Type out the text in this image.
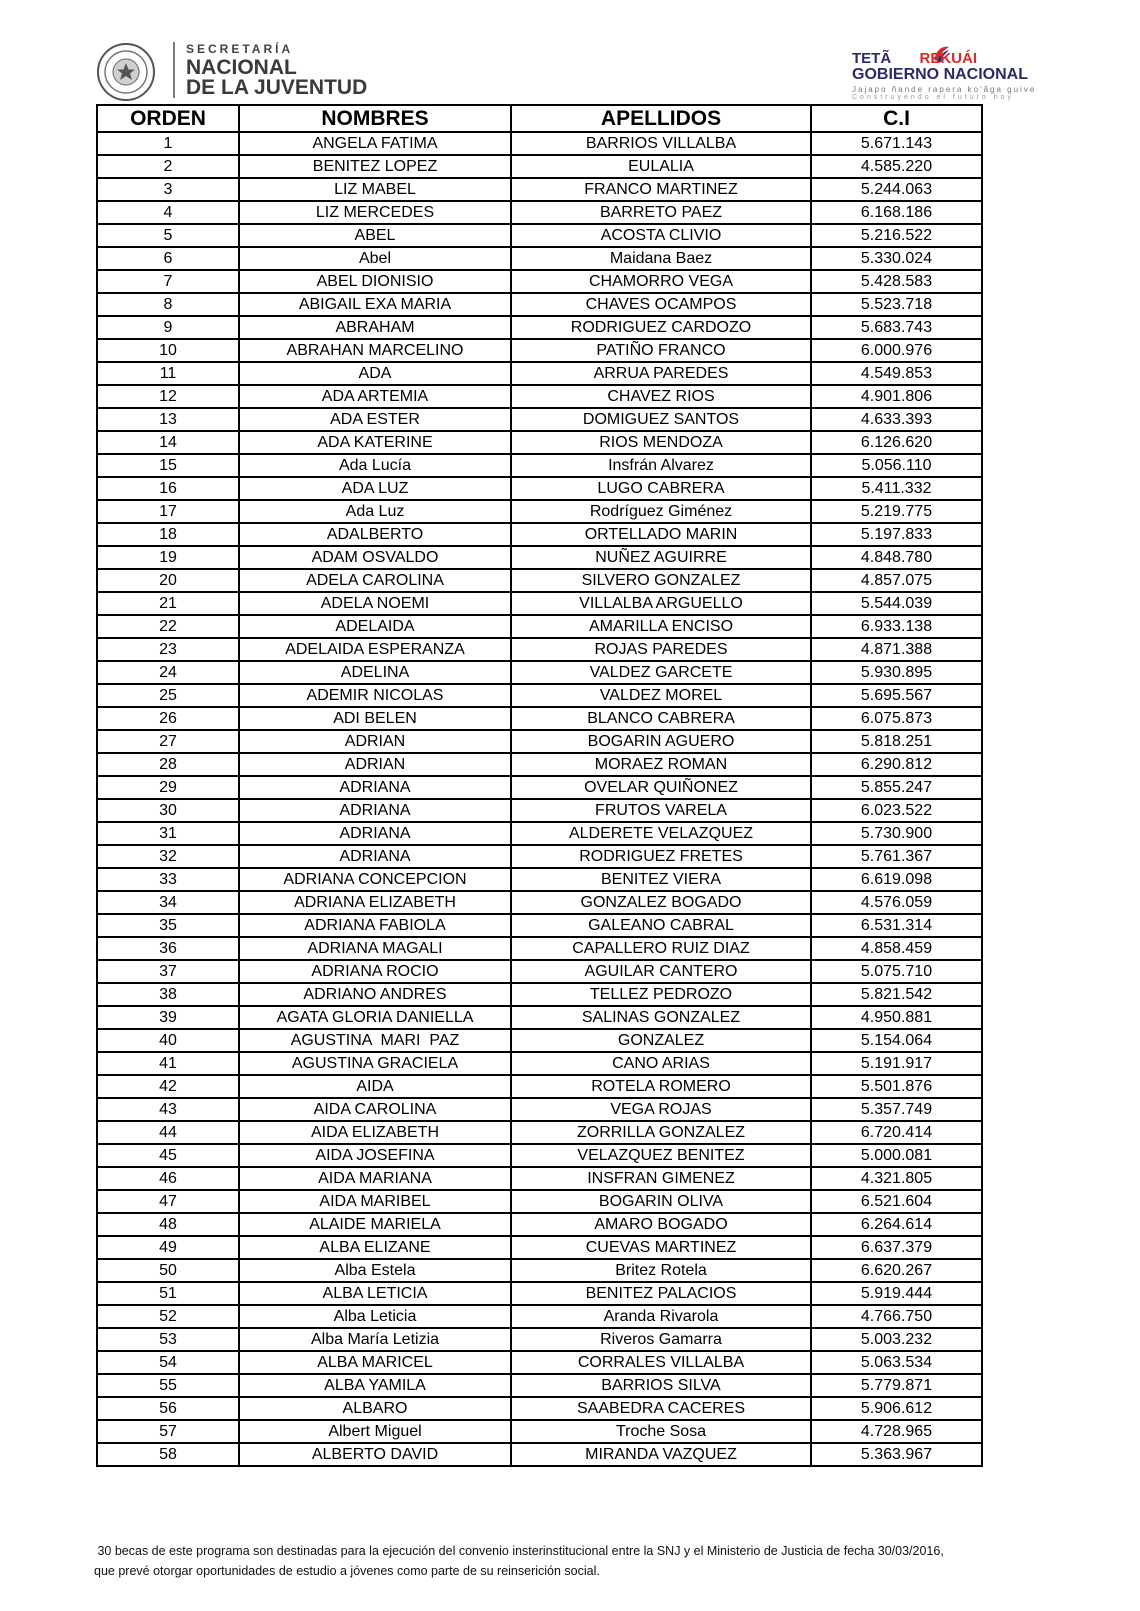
SECRETARÍA
NACIONAL
DE LA JUVENTUD
TETÃ REKUÁI
GOBIERNO NACIONAL
Jajapo ñande rapera ko'ãga guive
Construyendo el futuro hoy
ORDEN	NOMBRES	APELLIDOS	C.I
1	ANGELA FATIMA	BARRIOS VILLALBA	5.671.143
2	BENITEZ LOPEZ	EULALIA	4.585.220
3	LIZ MABEL	FRANCO MARTINEZ	5.244.063
4	LIZ MERCEDES	BARRETO PAEZ	6.168.186
5	ABEL	ACOSTA CLIVIO	5.216.522
6	Abel	Maidana Baez	5.330.024
7	ABEL DIONISIO	CHAMORRO VEGA	5.428.583
8	ABIGAIL EXA MARIA	CHAVES OCAMPOS	5.523.718
9	ABRAHAM	RODRIGUEZ CARDOZO	5.683.743
10	ABRAHAN MARCELINO	PATIÑO FRANCO	6.000.976
11	ADA	ARRUA PAREDES	4.549.853
12	ADA ARTEMIA	CHAVEZ RIOS	4.901.806
13	ADA ESTER	DOMIGUEZ SANTOS	4.633.393
14	ADA KATERINE	RIOS MENDOZA	6.126.620
15	Ada Lucía	Insfrán Alvarez	5.056.110
16	ADA LUZ	LUGO CABRERA	5.411.332
17	Ada Luz	Rodríguez Giménez	5.219.775
18	ADALBERTO	ORTELLADO MARIN	5.197.833
19	ADAM OSVALDO	NUÑEZ AGUIRRE	4.848.780
20	ADELA CAROLINA	SILVERO GONZALEZ	4.857.075
21	ADELA NOEMI	VILLALBA ARGUELLO	5.544.039
22	ADELAIDA	AMARILLA ENCISO	6.933.138
23	ADELAIDA ESPERANZA	ROJAS PAREDES	4.871.388
24	ADELINA	VALDEZ GARCETE	5.930.895
25	ADEMIR NICOLAS	VALDEZ MOREL	5.695.567
26	ADI BELEN	BLANCO CABRERA	6.075.873
27	ADRIAN	BOGARIN AGUERO	5.818.251
28	ADRIAN	MORAEZ ROMAN	6.290.812
29	ADRIANA	OVELAR QUIÑONEZ	5.855.247
30	ADRIANA	FRUTOS VARELA	6.023.522
31	ADRIANA	ALDERETE VELAZQUEZ	5.730.900
32	ADRIANA	RODRIGUEZ FRETES	5.761.367
33	ADRIANA CONCEPCION	BENITEZ VIERA	6.619.098
34	ADRIANA ELIZABETH	GONZALEZ BOGADO	4.576.059
35	ADRIANA FABIOLA	GALEANO CABRAL	6.531.314
36	ADRIANA MAGALI	CAPALLERO RUIZ DIAZ	4.858.459
37	ADRIANA ROCIO	AGUILAR CANTERO	5.075.710
38	ADRIANO ANDRES	TELLEZ PEDROZO	5.821.542
39	AGATA GLORIA DANIELLA	SALINAS GONZALEZ	4.950.881
40	AGUSTINA  MARI  PAZ	GONZALEZ	5.154.064
41	AGUSTINA GRACIELA	CANO ARIAS	5.191.917
42	AIDA	ROTELA ROMERO	5.501.876
43	AIDA CAROLINA	VEGA ROJAS	5.357.749
44	AIDA ELIZABETH	ZORRILLA GONZALEZ	6.720.414
45	AIDA JOSEFINA	VELAZQUEZ BENITEZ	5.000.081
46	AIDA MARIANA	INSFRAN GIMENEZ	4.321.805
47	AIDA MARIBEL	BOGARIN OLIVA	6.521.604
48	ALAIDE MARIELA	AMARO BOGADO	6.264.614
49	ALBA ELIZANE	CUEVAS MARTINEZ	6.637.379
50	Alba Estela	Britez Rotela	6.620.267
51	ALBA LETICIA	BENITEZ PALACIOS	5.919.444
52	Alba Leticia	Aranda Rivarola	4.766.750
53	Alba María Letizia	Riveros Gamarra	5.003.232
54	ALBA MARICEL	CORRALES VILLALBA	5.063.534
55	ALBA YAMILA	BARRIOS SILVA	5.779.871
56	ALBARO	SAABEDRA CACERES	5.906.612
57	Albert Miguel	Troche Sosa	4.728.965
58	ALBERTO DAVID	MIRANDA VAZQUEZ	5.363.967
30 becas de este programa son destinadas para la ejecución del convenio insterinstitucional entre la SNJ y el Ministerio de Justicia de fecha 30/03/2016,
que prevé otorgar oportunidades de estudio a jóvenes como parte de su reinserición social.
